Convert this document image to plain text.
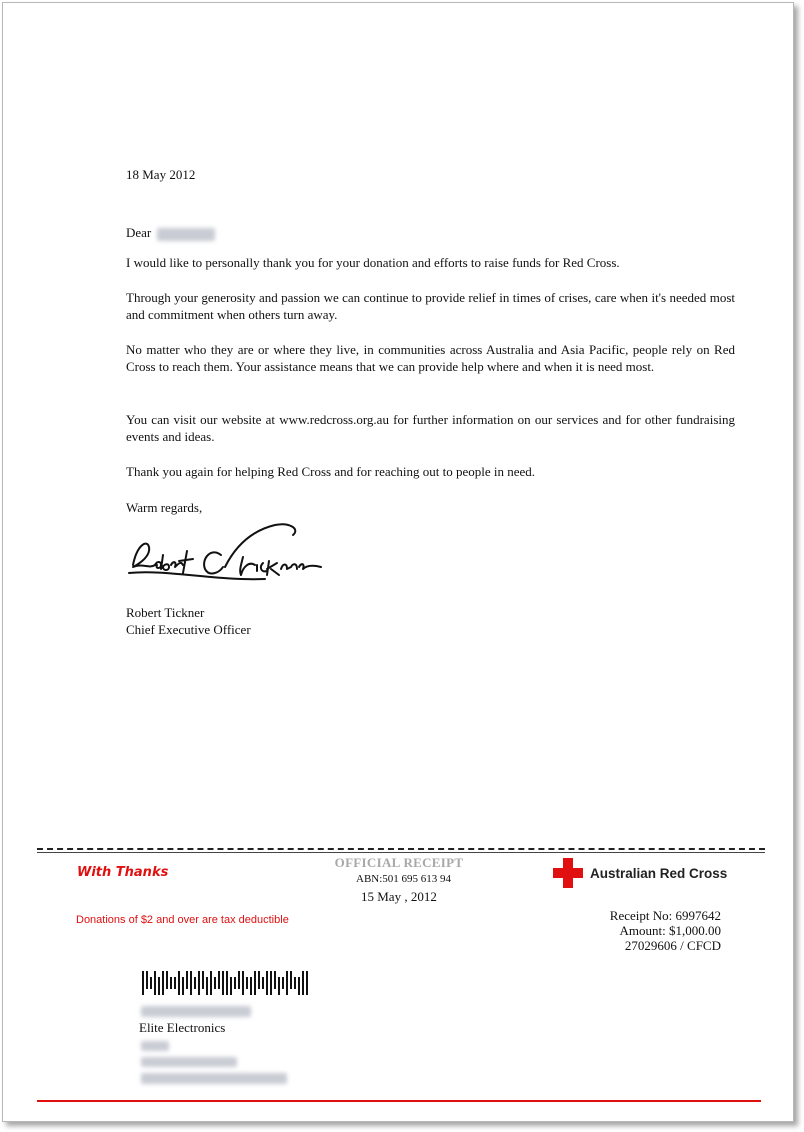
18 May 2012
Dear
I would like to personally thank you for your donation and efforts to raise funds for Red Cross.
Through your generosity and passion we can continue to provide relief in times of crises, care when it's needed most and commitment when others turn away.
No matter who they are or where they live, in communities across Australia and Asia Pacific, people rely on Red Cross to reach them. Your assistance means that we can provide help where and when it is need most.
You can visit our website at www.redcross.org.au for further information on our services and for other fundraising events and ideas.
Thank you again for helping Red Cross and for reaching out to people in need.
Warm regards,
Robert Tickner
Chief Executive Officer
With Thanks
Donations of $2 and over are tax deductible
OFFICIAL RECEIPT
ABN:501 695 613 94
15 May , 2012
Australian Red Cross
Receipt No: 6997642
Amount: $1,000.00
27029606 / CFCD
Elite Electronics
